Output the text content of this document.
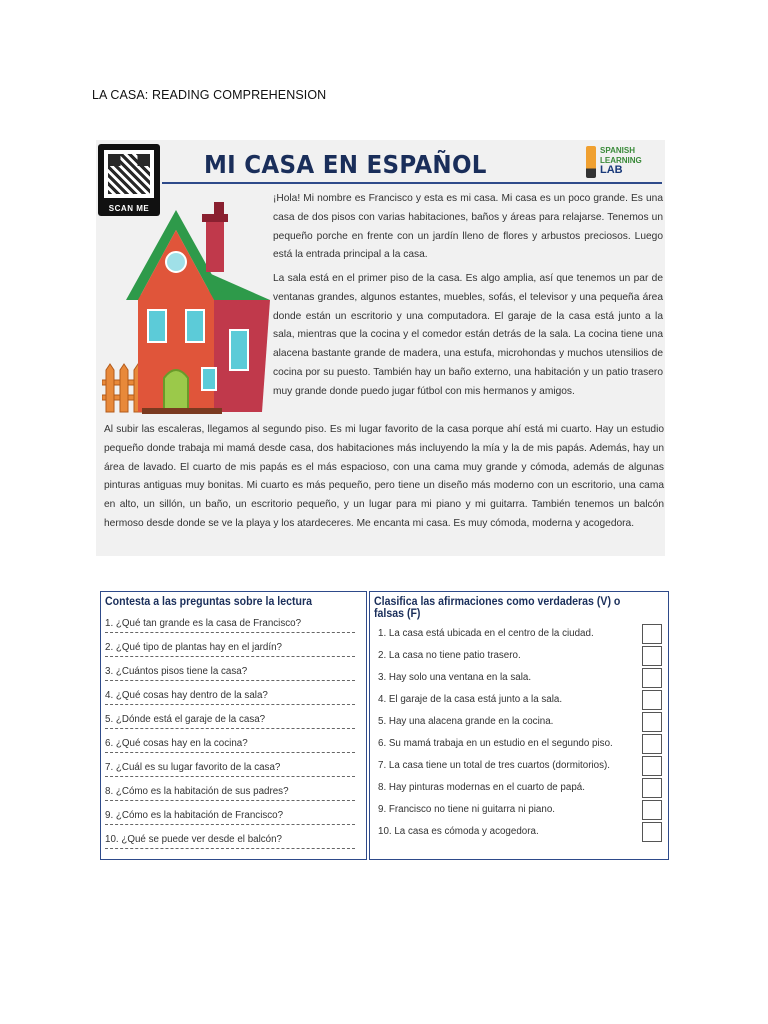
LA CASA: READING COMPREHENSION
SCAN ME
MI CASA EN ESPAÑOL	SPANISH
LEARNING
LAB
¡Hola! Mi nombre es Francisco y esta es mi casa. Mi casa es un poco grande. Es una casa de dos pisos con varias habitaciones, baños y áreas para relajarse. Tenemos un pequeño porche en frente con un jardín lleno de flores y arbustos preciosos. Luego está la entrada principal a la casa.
La sala está en el primer piso de la casa. Es algo amplia, así que tenemos un par de ventanas grandes, algunos estantes, muebles, sofás, el televisor y una pequeña área donde están un escritorio y una computadora. El garaje de la casa está junto a la sala, mientras que la cocina y el comedor están detrás de la sala. La cocina tiene una alacena bastante grande de madera, una estufa, microhondas y muchos utensilios de cocina por su puesto. También hay un baño externo, una habitación y un patio trasero muy grande donde puedo jugar fútbol con mis hermanos y amigos.
Al subir las escaleras, llegamos al segundo piso. Es mi lugar favorito de la casa porque ahí está mi cuarto. Hay un estudio pequeño donde trabaja mi mamá desde casa, dos habitaciones más incluyendo la mía y la de mis papás. Además, hay un área de lavado. El cuarto de mis papás es el más espacioso, con una cama muy grande y cómoda, además de algunas pinturas antiguas muy bonitas. Mi cuarto es más pequeño, pero tiene un diseño más moderno con un escritorio, una cama en alto, un sillón, un baño, un escritorio pequeño, y un lugar para mi piano y mi guitarra. También tenemos un balcón hermoso desde donde se ve la playa y los atardeceres. Me encanta mi casa. Es muy cómoda, moderna y acogedora.
Contesta a las preguntas sobre la lectura
1. ¿Qué tan grande es la casa de Francisco?
2. ¿Qué tipo de plantas hay en el jardín?
3. ¿Cuántos pisos tiene la casa?
4. ¿Qué cosas hay dentro de la sala?
5. ¿Dónde está el garaje de la casa?
6. ¿Qué cosas hay en la cocina?
7. ¿Cuál es su lugar favorito de la casa?
8. ¿Cómo es la habitación de sus padres?
9. ¿Cómo es la habitación de Francisco?
10. ¿Qué se puede ver desde el balcón?
Clasifica las afirmaciones como verdaderas (V) o falsas (F)
1. La casa está ubicada en el centro de la ciudad.
2. La casa no tiene patio trasero.
3. Hay solo una ventana en la sala.
4. El garaje de la casa está junto a la sala.
5. Hay una alacena grande en la cocina.
6. Su mamá trabaja en un estudio en el segundo piso.
7. La casa tiene un total de tres cuartos (dormitorios).
8. Hay pinturas modernas en el cuarto de papá.
9. Francisco no tiene ni guitarra ni piano.
10. La casa es cómoda y acogedora.
